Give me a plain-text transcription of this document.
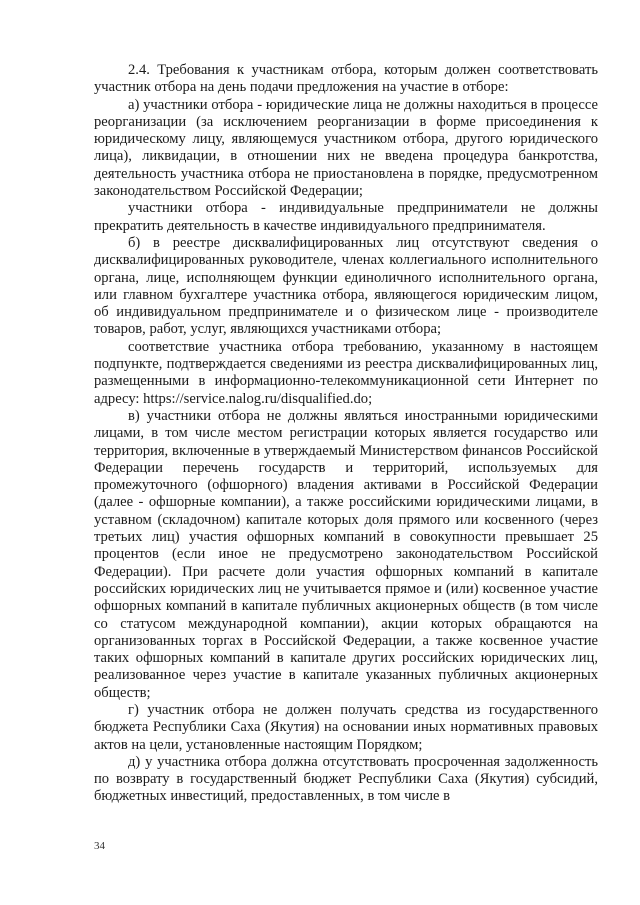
2.4. Требования к участникам отбора, которым должен соответствовать участник отбора на день подачи предложения на участие в отборе:

а) участники отбора - юридические лица не должны находиться в процессе реорганизации (за исключением реорганизации в форме присоединения к юридическому лицу, являющемуся участником отбора, другого юридического лица), ликвидации, в отношении них не введена процедура банкротства, деятельность участника отбора не приостановлена в порядке, предусмотренном законодательством Российской Федерации;

участники отбора - индивидуальные предприниматели не должны прекратить деятельность в качестве индивидуального предпринимателя.

б) в реестре дисквалифицированных лиц отсутствуют сведения о дисквалифицированных руководителе, членах коллегиального исполнительного органа, лице, исполняющем функции единоличного исполнительного органа, или главном бухгалтере участника отбора, являющегося юридическим лицом, об индивидуальном предпринимателе и о физическом лице - производителе товаров, работ, услуг, являющихся участниками отбора;

соответствие участника отбора требованию, указанному в настоящем подпункте, подтверждается сведениями из реестра дисквалифицированных лиц, размещенными в информационно-телекоммуникационной сети Интернет по адресу: https://service.nalog.ru/disqualified.do;

в) участники отбора не должны являться иностранными юридическими лицами, в том числе местом регистрации которых является государство или территория, включенные в утверждаемый Министерством финансов Российской Федерации перечень государств и территорий, используемых для промежуточного (офшорного) владения активами в Российской Федерации (далее - офшорные компании), а также российскими юридическими лицами, в уставном (складочном) капитале которых доля прямого или косвенного (через третьих лиц) участия офшорных компаний в совокупности превышает 25 процентов (если иное не предусмотрено законодательством Российской Федерации). При расчете доли участия офшорных компаний в капитале российских юридических лиц не учитывается прямое и (или) косвенное участие офшорных компаний в капитале публичных акционерных обществ (в том числе со статусом международной компании), акции которых обращаются на организованных торгах в Российской Федерации, а также косвенное участие таких офшорных компаний в капитале других российских юридических лиц, реализованное через участие в капитале указанных публичных акционерных обществ;

г) участник отбора не должен получать средства из государственного бюджета Республики Саха (Якутия) на основании иных нормативных правовых актов на цели, установленные настоящим Порядком;

д) у участника отбора должна отсутствовать просроченная задолженность по возврату в государственный бюджет Республики Саха (Якутия) субсидий, бюджетных инвестиций, предоставленных, в том числе в

34
